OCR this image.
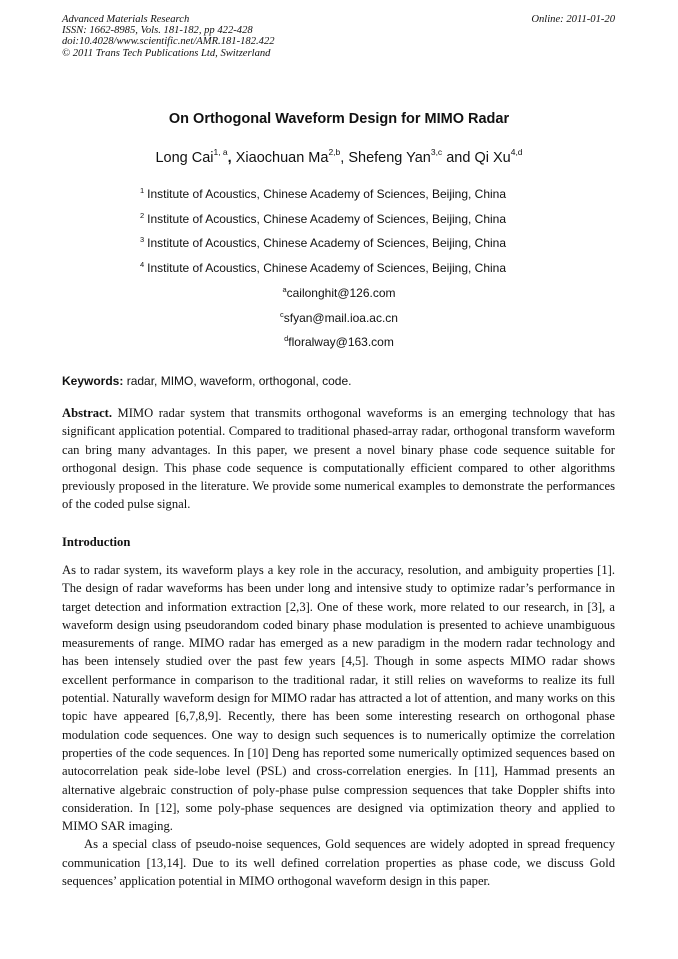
Advanced Materials Research
ISSN: 1662-8985, Vols. 181-182, pp 422-428
doi:10.4028/www.scientific.net/AMR.181-182.422
© 2011 Trans Tech Publications Ltd, Switzerland
Online: 2011-01-20
On Orthogonal Waveform Design for MIMO Radar
Long Cai$^{1, a}$, Xiaochuan Ma$^{2,b}$, Shefeng Yan$^{3,c}$ and Qi Xu$^{4,d}$
$^1$ Institute of Acoustics, Chinese Academy of Sciences, Beijing, China
$^2$ Institute of Acoustics, Chinese Academy of Sciences, Beijing, China
$^3$ Institute of Acoustics, Chinese Academy of Sciences, Beijing, China
$^4$ Institute of Acoustics, Chinese Academy of Sciences, Beijing, China
$^a$cailonghit@126.com
$^c$sfyan@mail.ioa.ac.cn
$^d$floralway@163.com
Keywords: radar, MIMO, waveform, orthogonal, code.
Abstract. MIMO radar system that transmits orthogonal waveforms is an emerging technology that has significant application potential. Compared to traditional phased-array radar, orthogonal transform waveform can bring many advantages. In this paper, we present a novel binary phase code sequence suitable for orthogonal design. This phase code sequence is computationally efficient compared to other algorithms previously proposed in the literature. We provide some numerical examples to demonstrate the performances of the coded pulse signal.
Introduction

As to radar system, its waveform plays a key role in the accuracy, resolution, and ambiguity properties [1]. The design of radar waveforms has been under long and intensive study to optimize radar’s performance in target detection and information extraction [2,3]. One of these work, more related to our research, in [3], a waveform design using pseudorandom coded binary phase modulation is presented to achieve unambiguous measurements of range. MIMO radar has emerged as a new paradigm in the modern radar technology and has been intensely studied over the past few years [4,5]. Though in some aspects MIMO radar shows excellent performance in comparison to the traditional radar, it still relies on waveforms to realize its full potential. Naturally waveform design for MIMO radar has attracted a lot of attention, and many works on this topic have appeared [6,7,8,9]. Recently, there has been some interesting research on orthogonal phase modulation code sequences. One way to design such sequences is to numerically optimize the correlation properties of the code sequences. In [10] Deng has reported some numerically optimized sequences based on autocorrelation peak side-lobe level (PSL) and cross-correlation energies. In [11], Hammad presents an alternative algebraic construction of poly-phase pulse compression sequences that take Doppler shifts into consideration. In [12], some poly-phase sequences are designed via optimization theory and applied to MIMO SAR imaging.

As a special class of pseudo-noise sequences, Gold sequences are widely adopted in spread frequency communication [13,14]. Due to its well defined correlation properties as phase code, we discuss Gold sequences’ application potential in MIMO orthogonal waveform design in this paper.
